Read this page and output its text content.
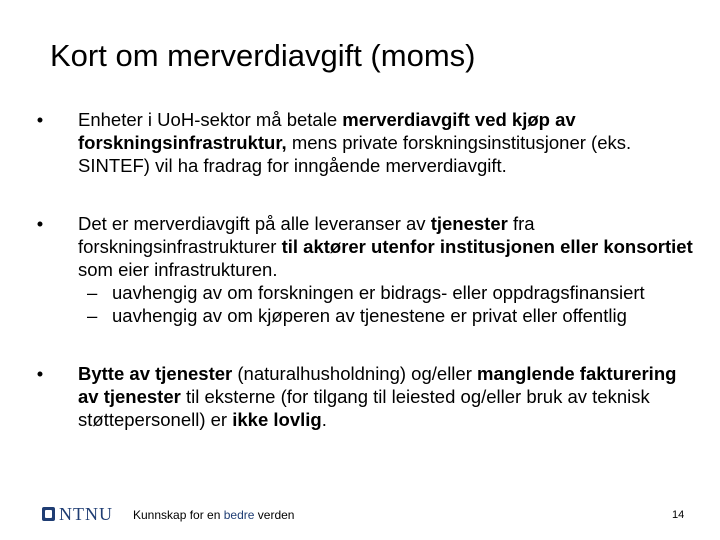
Kort om merverdiavgift (moms)

•	Enheter i UoH-sektor må betale merverdiavgift ved kjøp av forskningsinfrastruktur, mens private forskningsinstitusjoner (eks. SINTEF) vil ha fradrag for inngående merverdiavgift.

•	Det er merverdiavgift på alle leveranser av tjenester fra forskningsinfrastrukturer til aktører utenfor institusjonen eller konsortiet som eier infrastrukturen.

– uavhengig av om forskningen er bidrags- eller oppdragsfinansiert

– uavhengig av om kjøperen av tjenestene er privat eller offentlig

•	Bytte av tjenester (naturalhusholdning) og/eller manglende fakturering av tjenester til eksterne (for tilgang til leiested og/eller bruk av teknisk støttepersonell) er ikke lovlig.

NTNU Kunnskap for en bedre verden	14
